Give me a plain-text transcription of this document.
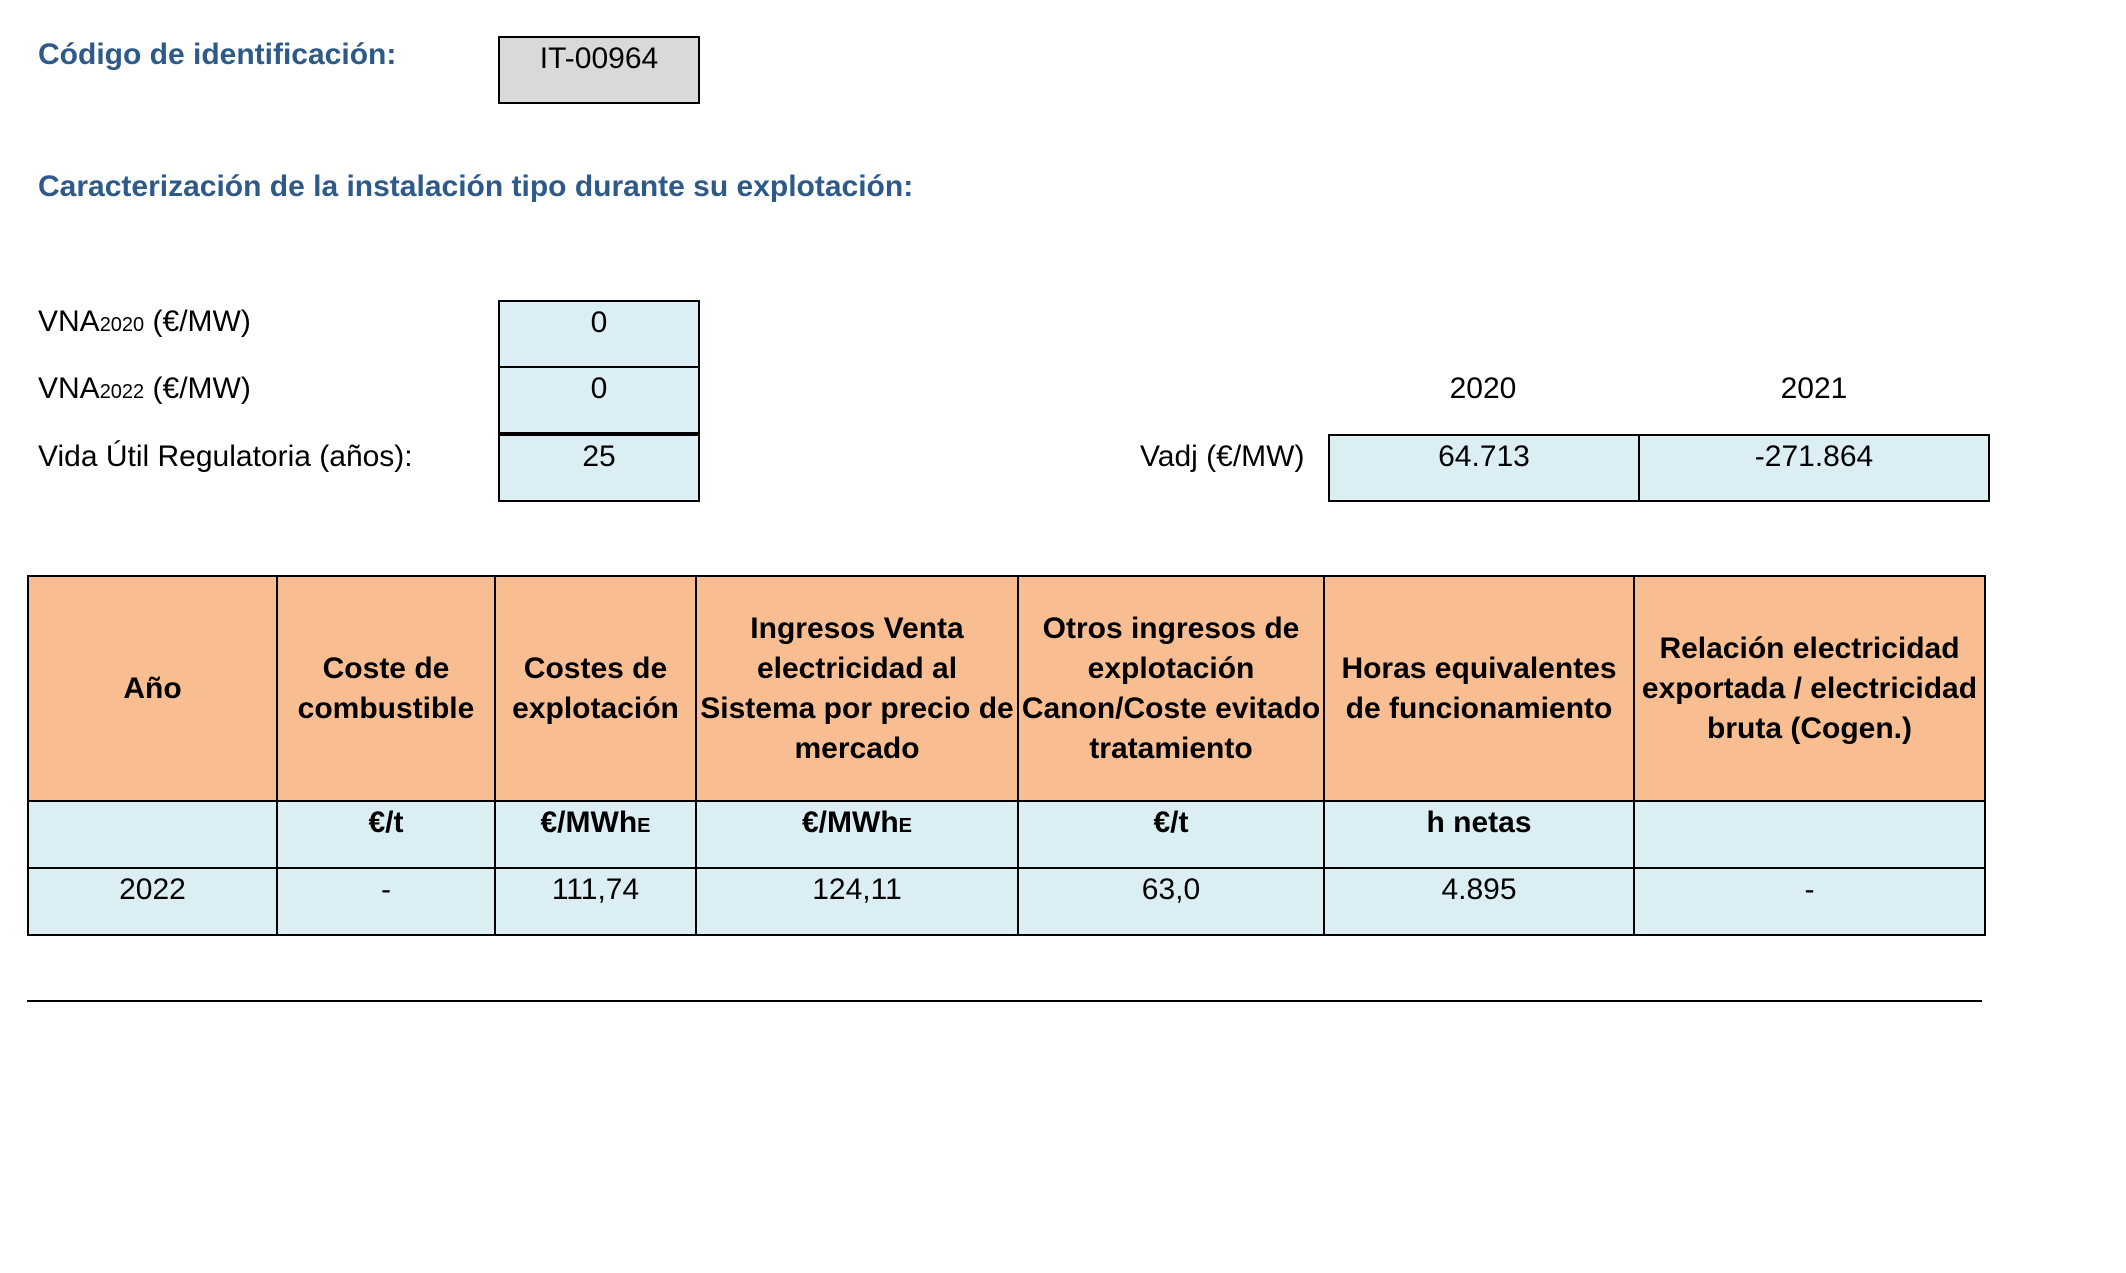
Código de identificación:	IT-00964
Caracterización de la instalación tipo durante su explotación:
VNA2020 (€/MW)	0
VNA2022 (€/MW)	0
Vida Útil Regulatoria (años):	25
2020	2021
Vadj (€/MW)	64.713	-271.864
Año	Coste de combustible	Costes de explotación	Ingresos Venta electricidad al Sistema por precio de mercado	Otros ingresos de explotación Canon/Coste evitado tratamiento	Horas equivalentes de funcionamiento	Relación electricidad exportada / electricidad bruta (Cogen.)
	€/t	€/MWhE	€/MWhE	€/t	h netas	
2022	-	111,74	124,11	63,0	4.895	-
